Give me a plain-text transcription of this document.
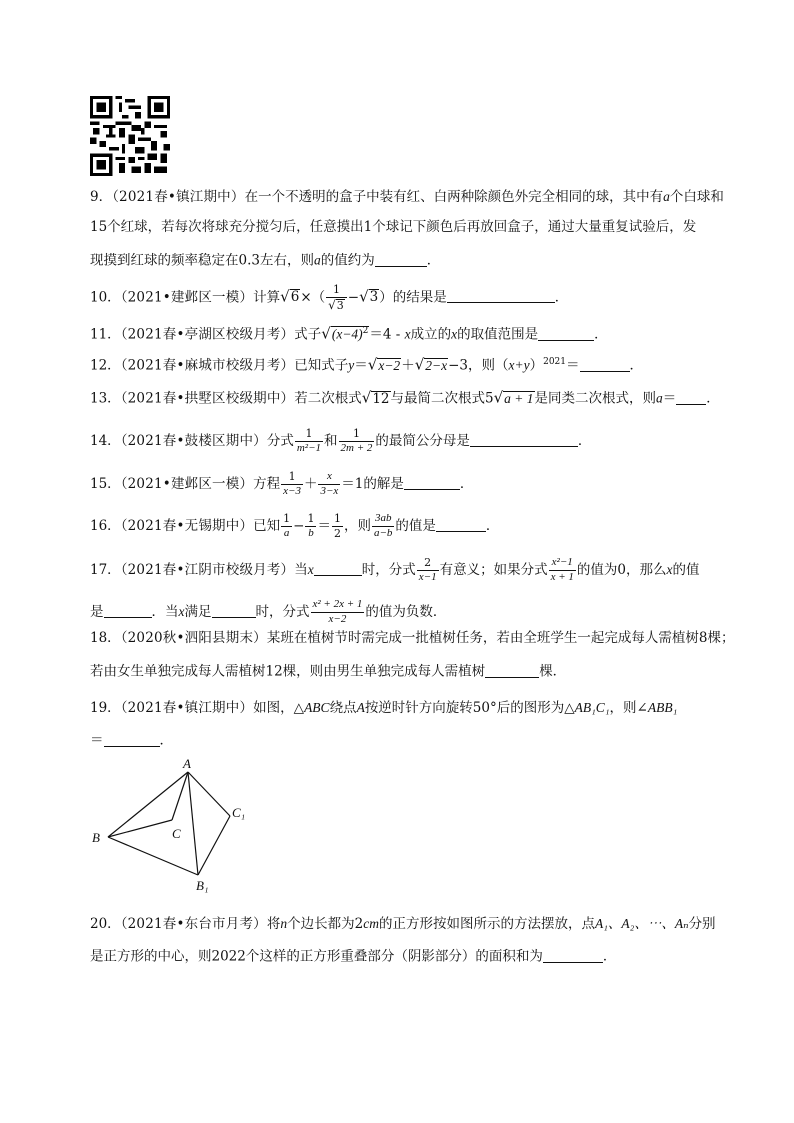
9．（2021春•镇江期中）在一个不透明的盒子中装有红、白两种除颜色外完全相同的球，其中有a个白球和
15个红球，若每次将球充分搅匀后，任意摸出1个球记下颜色后再放回盒子，通过大量重复试验后，发
现摸到红球的频率稳定在0.3左右，则a的值约为	．
10．（2021•建邺区一模）计算$√6\times( \frac{1}{√3} -√3)$的结果是	．
11．（2021春•亭湖区校级月考）式子$√(x-4)^2=4 - x$成立的x的取值范围是	．
12．（2021春•麻城市校级月考）已知式子y＝√x−2＋√2−x−3，则$(x+y)^{2021}=$	．
13．（2021春•拱墅区校级期中）若二次根式√12与最简二次根式5√a + 1是同类二次根式，则a＝ ．
14．（2021春•鼓楼区期中）分式 $\frac{1}{\text{m²−1}}$ 和 $\frac{1}{2m + 2}$ 的最简公分母是	．
15．（2021•建邺区一模）方程 $\frac{1}{x-3} + \frac{x}{3-x} =1$的解是	．
16．（2021春•无锡期中）已知 $\frac{1}{a} - \frac{1}{b} = \frac{1}{2}$ ，则 $\frac{3ab}{a-b}$ 的值是	．
17．（2021春•江阴市校级月考）当x	时，分式 $\frac{2}{x-1}$ 有意义；如果分式 $\frac{\text{x²−1}}{x + 1}$ 的值为0，那么x的值
是	．当x满足	时，分式 $\frac{\text{x² + 2x + 1}}{x-2}$ 的值为负数．
18．（2020秋•泗阳县期末）某班在植树节时需完成一批植树任务，若由全班学生一起完成每人需植树8棵；
若由女生单独完成每人需植树12棵，则由男生单独完成每人需植树	棵．
19．（2021春•镇江期中）如图，△ABC绕点A按逆时针方向旋转50°后的图形为△AB₁C₁，则∠ABB₁
＝	．
A
B	C
C₁
B₁
20．（2021春•东台市月考）将n个边长都为2cm的正方形按如图所示的方法摆放，点A₁、A₂、⋯、Aₙ分别
是正方形的中心，则2022个这样的正方形重叠部分（阴影部分）的面积和为	．
